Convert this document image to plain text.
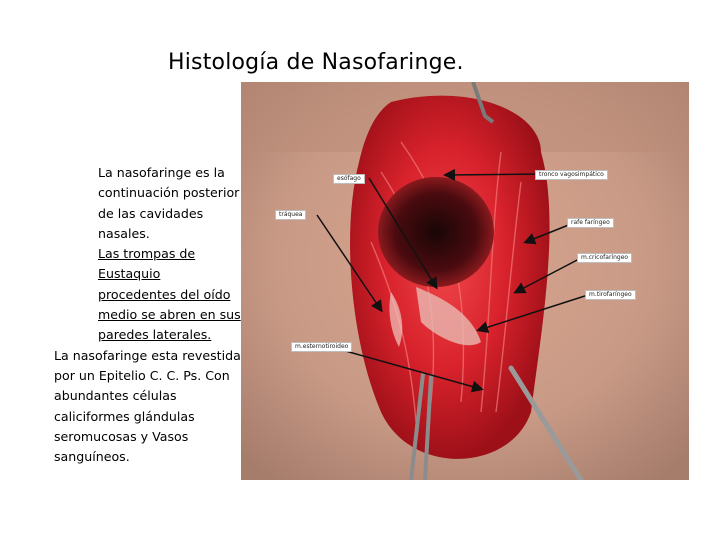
Histología de Nasofaringe.

La nasofaringe es la continuación posterior de las cavidades nasales.

Las trompas de Eustaquio procedentes del oído medio se abren en sus paredes laterales.

La nasofaringe esta revestida por un Epitelio C. C. Ps. Con abundantes células caliciformes glándulas seromucosas y Vasos sanguíneos.

esófago
tráquea
tronco vagosimpático
rafe faríngeo
m.cricofaríngeo
m.tirofaríngeo
m.esternotiroideo
